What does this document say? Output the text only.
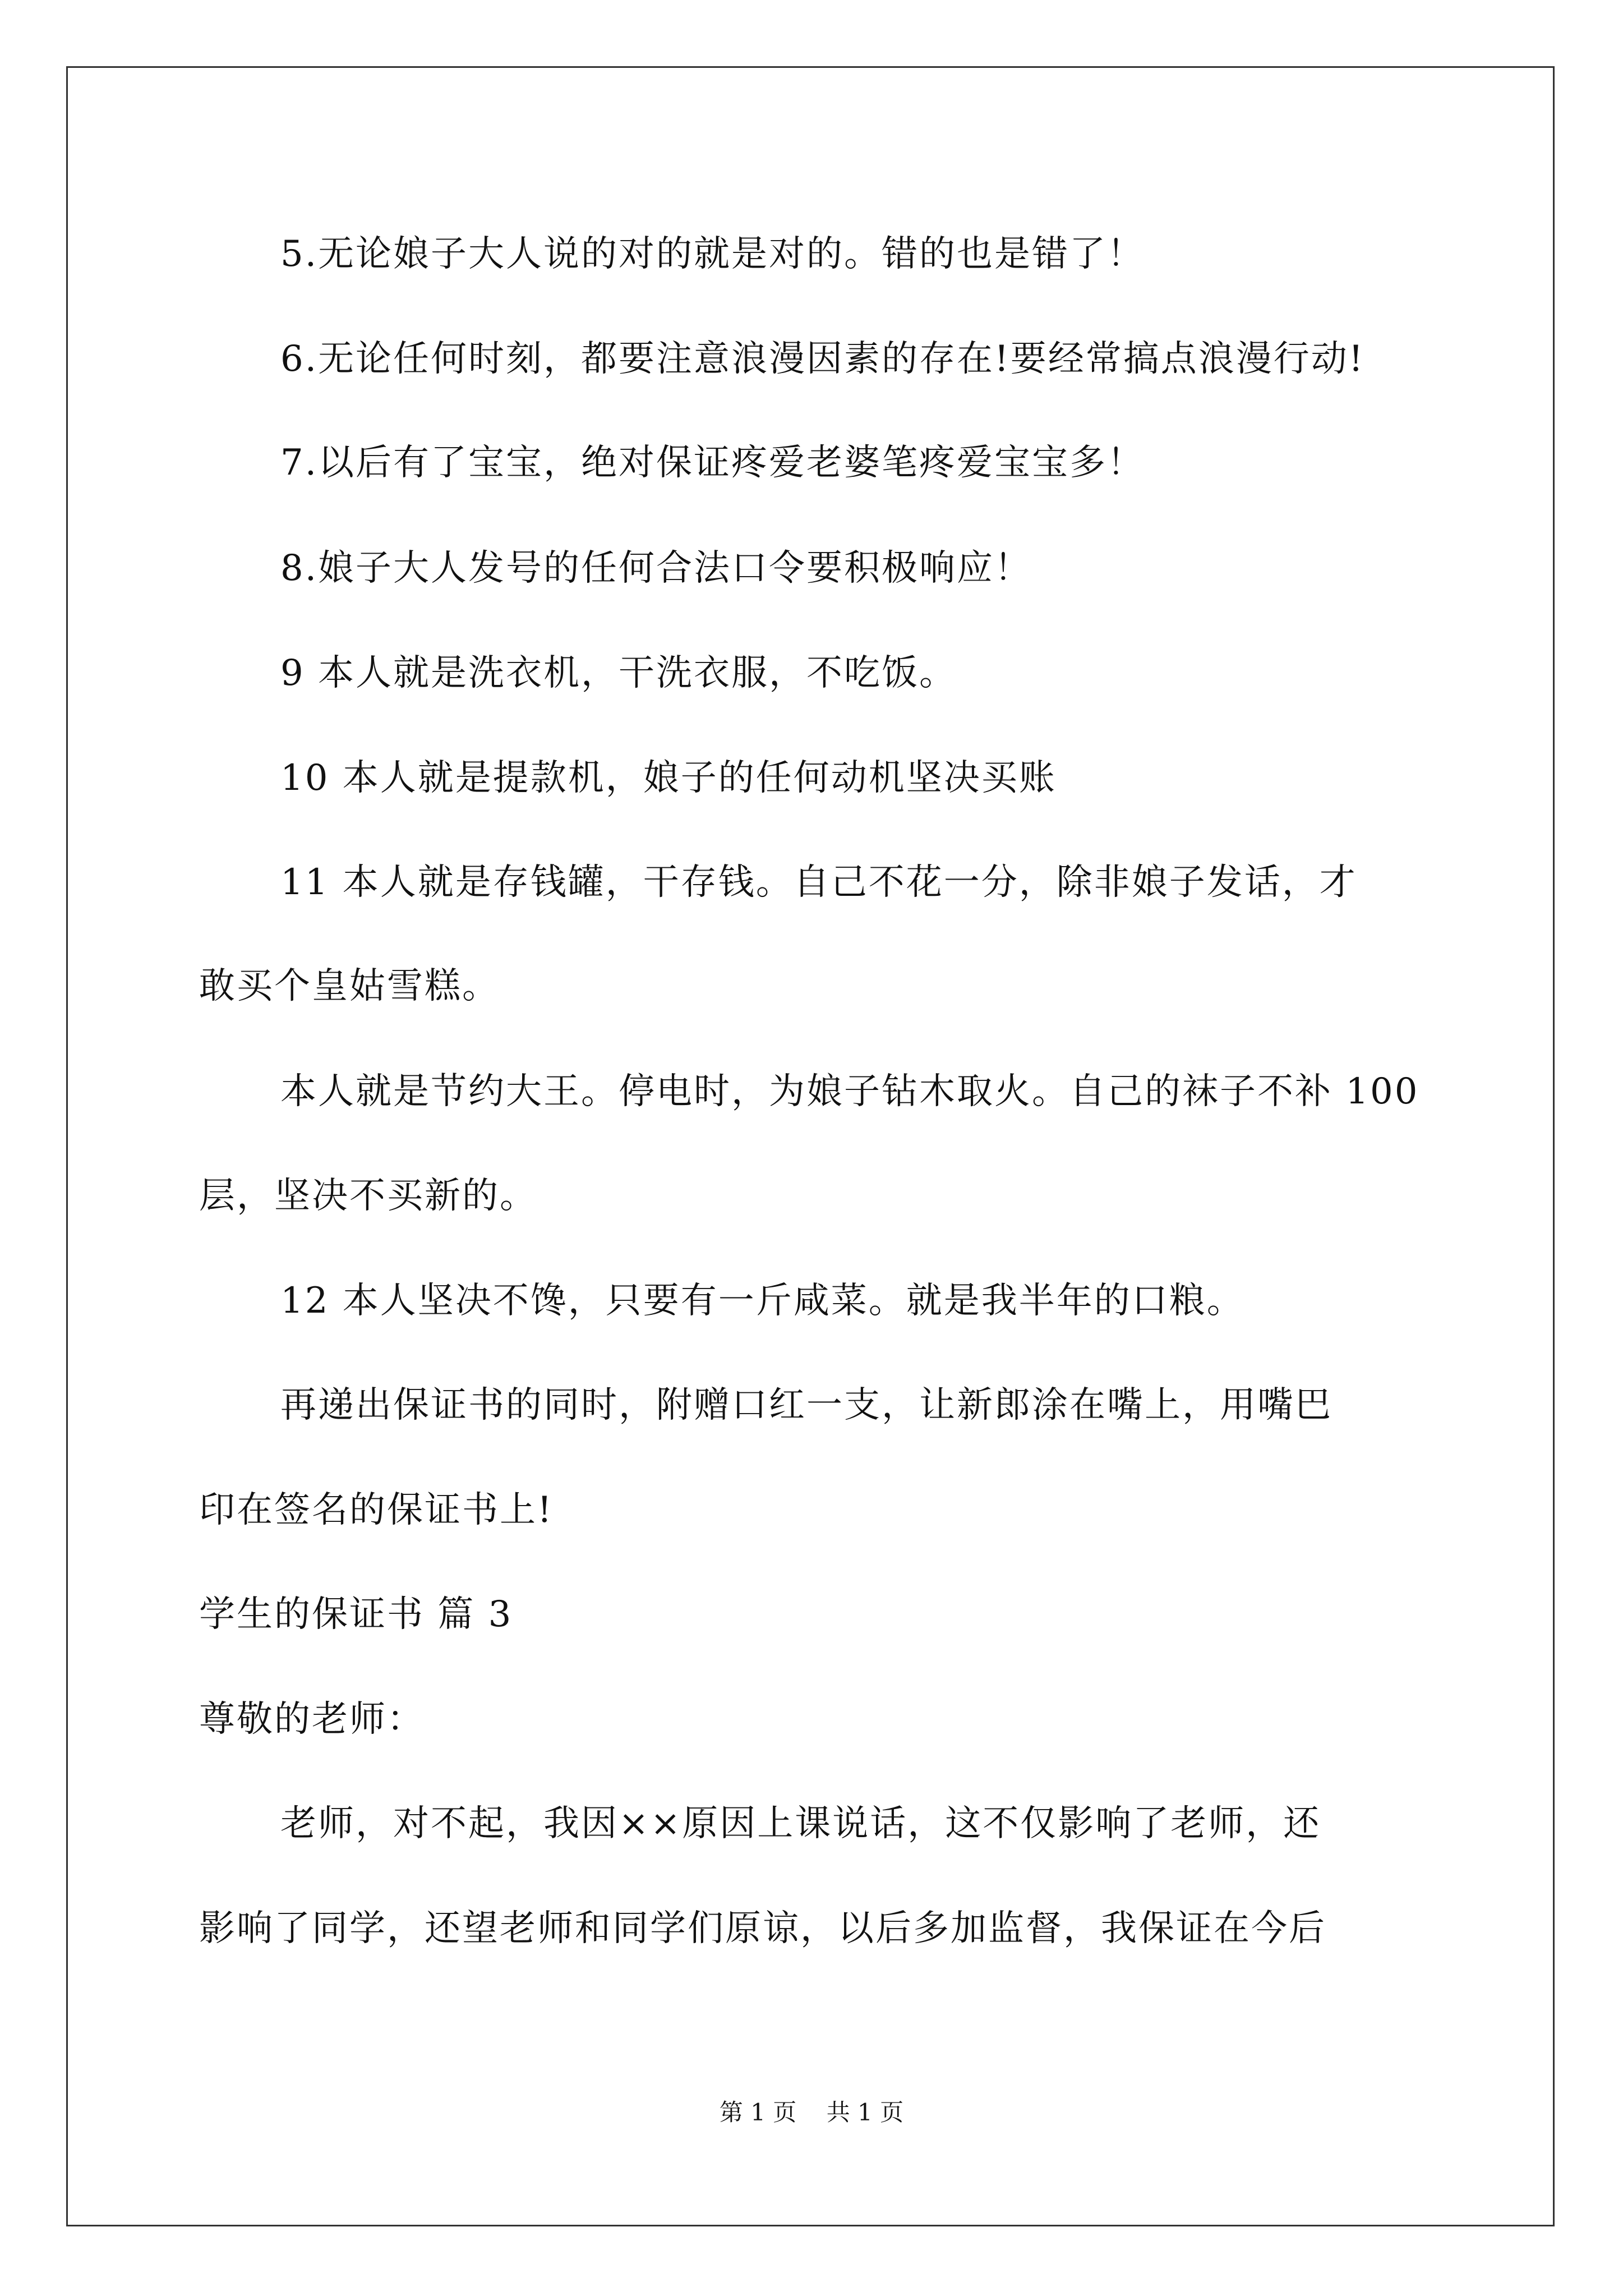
5.无论娘子大人说的对的就是对的。错的也是错了！
6.无论任何时刻，都要注意浪漫因素的存在!要经常搞点浪漫行动!
7.以后有了宝宝，绝对保证疼爱老婆笔疼爱宝宝多！
8.娘子大人发号的任何合法口令要积极响应！
9 本人就是洗衣机，干洗衣服，不吃饭。
10 本人就是提款机，娘子的任何动机坚决买账
11 本人就是存钱罐，干存钱。自己不花一分，除非娘子发话，才
敢买个皇姑雪糕。
本人就是节约大王。停电时，为娘子钻木取火。自己的袜子不补 100
层，坚决不买新的。
12 本人坚决不馋，只要有一斤咸菜。就是我半年的口粮。
再递出保证书的同时，附赠口红一支，让新郎涂在嘴上，用嘴巴
印在签名的保证书上!
学生的保证书 篇 3
尊敬的老师：
老师，对不起，我因××原因上课说话，这不仅影响了老师，还
影响了同学，还望老师和同学们原谅，以后多加监督，我保证在今后
第 1 页    共 1 页
